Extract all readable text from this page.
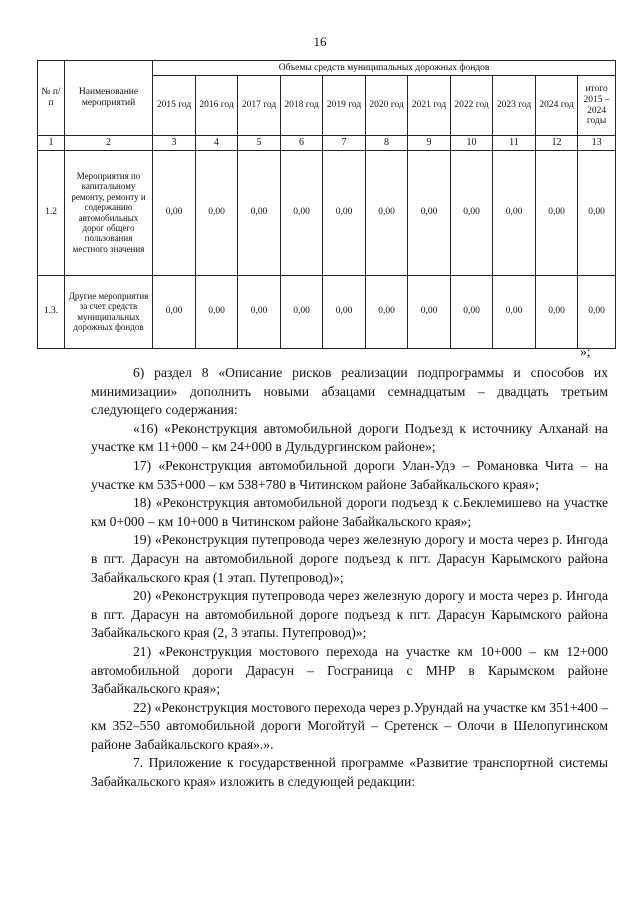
16
№ п/п	Наименование мероприятий	Объемы средств муниципальных дорожных фондов										
		2015 год	2016 год	2017 год	2018 год	2019 год	2020 год	2021 год	2022 год	2023 год	2024 год	итого 2015 – 2024 годы
1	2	3	4	5	6	7	8	9	10	11	12	13
1.2	Мероприятия по капитальному ремонту, ремонту и содержанию автомобильных дорог общего пользования местного значения	0,00	0,00	0,00	0,00	0,00	0,00	0,00	0,00	0,00	0,00	0,00
1.3.	Другие мероприятия за счет средств муниципальных дорожных фондов	0,00	0,00	0,00	0,00	0,00	0,00	0,00	0,00	0,00	0,00	0,00
»;

6) раздел 8 «Описание рисков реализации подпрограммы и способов их минимизации» дополнить новыми абзацами семнадцатым – двадцать третьим следующего содержания:

«16) «Реконструкция автомобильной дороги Подъезд к источнику Алханай на участке км 11+000 – км 24+000 в Дульдургинском районе»;

17) «Реконструкция автомобильной дороги Улан-Удэ – Романовка Чита – на участке км 535+000 – км 538+780 в Читинском районе Забайкальского края»;

18) «Реконструкция автомобильной дороги подъезд к с.Беклемишево на участке км 0+000 – км 10+000 в Читинском районе Забайкальского края»;

19) «Реконструкция путепровода через железную дорогу и моста через р. Ингода в пгт. Дарасун на автомобильной дороге подъезд к пгт. Дарасун Карымского района Забайкальского края (1 этап. Путепровод)»;

20) «Реконструкция путепровода через железную дорогу и моста через р. Ингода в пгт. Дарасун на автомобильной дороге подъезд к пгт. Дарасун Карымского района Забайкальского края (2, 3 этапы. Путепровод)»;

21) «Реконструкция мостового перехода на участке км 10+000 – км 12+000 автомобильной дороги Дарасун – Госграница с МНР в Карымском районе Забайкальского края»;

22) «Реконструкция мостового перехода через р.Урундай на участке км 351+400 – км 352–550 автомобильной дороги Могойтуй – Сретенск – Олочи в Шелопугинском районе Забайкальского края».».

7. Приложение к государственной программе «Развитие транспортной системы Забайкальского края» изложить в следующей редакции:
